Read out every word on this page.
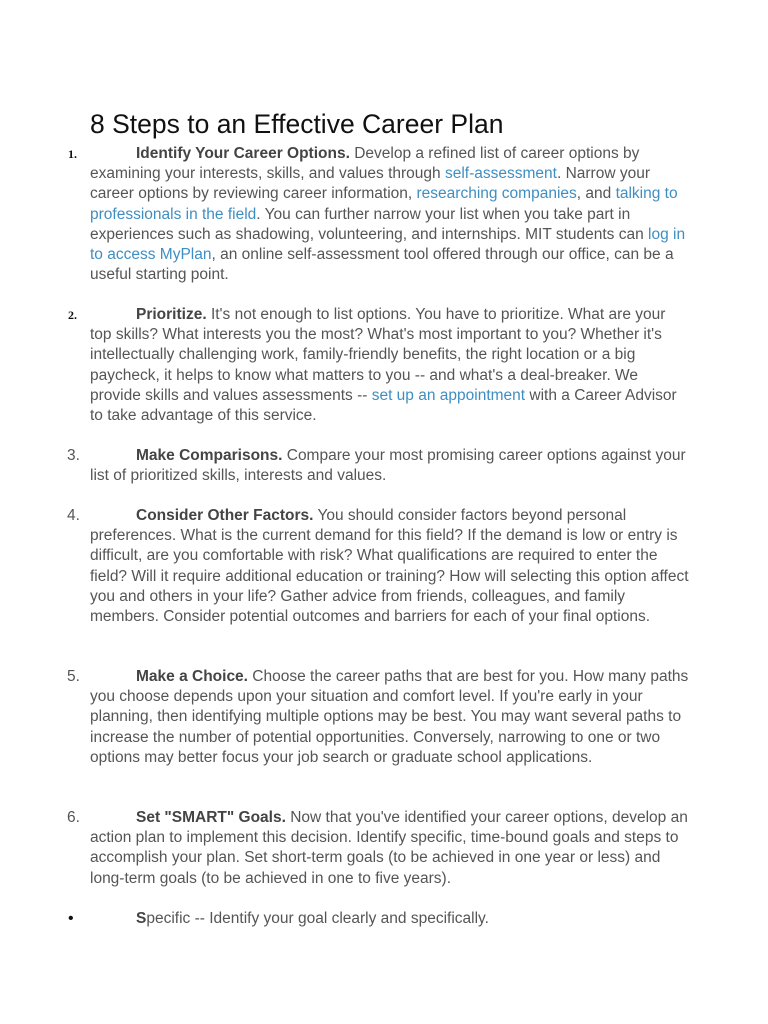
8 Steps to an Effective Career Plan
1.	Identify Your Career Options. Develop a refined list of career options by examining your interests, skills, and values through self-assessment. Narrow your career options by reviewing career information, researching companies, and talking to professionals in the field. You can further narrow your list when you take part in experiences such as shadowing, volunteering, and internships. MIT students can log in to access MyPlan, an online self-assessment tool offered through our office, can be a useful starting point.

2.	Prioritize. It's not enough to list options. You have to prioritize. What are your top skills? What interests you the most? What's most important to you? Whether it's intellectually challenging work, family-friendly benefits, the right location or a big paycheck, it helps to know what matters to you -- and what's a deal-breaker. We provide skills and values assessments -- set up an appointment with a Career Advisor to take advantage of this service.

3.	Make Comparisons. Compare your most promising career options against your list of prioritized skills, interests and values.

4.	Consider Other Factors. You should consider factors beyond personal preferences. What is the current demand for this field? If the demand is low or entry is difficult, are you comfortable with risk? What qualifications are required to enter the field? Will it require additional education or training? How will selecting this option affect you and others in your life? Gather advice from friends, colleagues, and family members. Consider potential outcomes and barriers for each of your final options.

5.	Make a Choice. Choose the career paths that are best for you. How many paths you choose depends upon your situation and comfort level. If you're early in your planning, then identifying multiple options may be best. You may want several paths to increase the number of potential opportunities. Conversely, narrowing to one or two options may better focus your job search or graduate school applications.

6.	Set "SMART" Goals. Now that you've identified your career options, develop an action plan to implement this decision. Identify specific, time-bound goals and steps to accomplish your plan. Set short-term goals (to be achieved in one year or less) and long-term goals (to be achieved in one to five years).

•	Specific -- Identify your goal clearly and specifically.
